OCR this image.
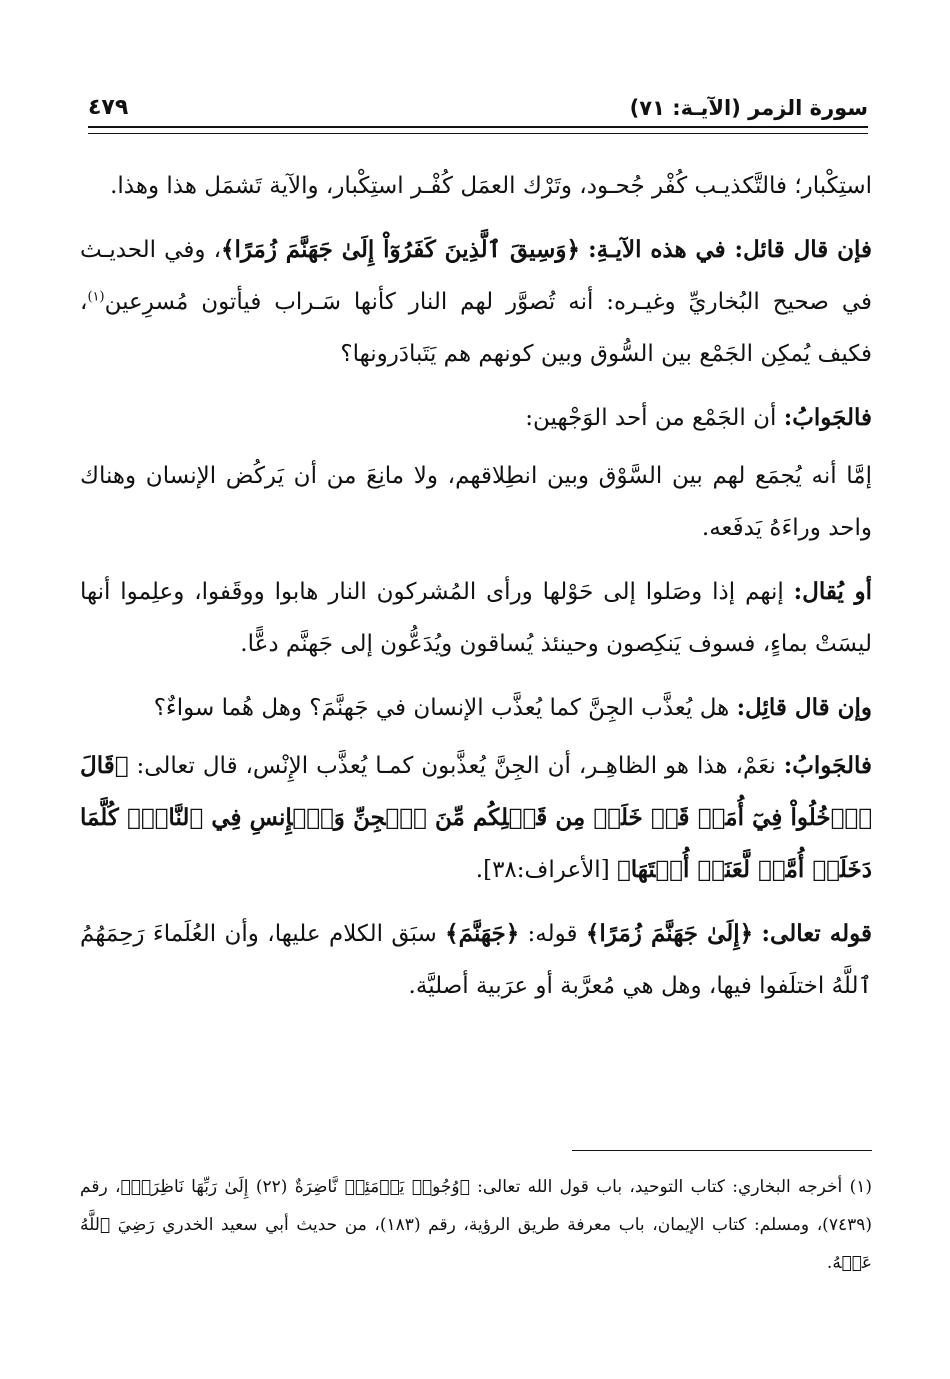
سورة الزمر (الآيـة: ٧١)
٤٧٩

استِكْبار؛ فالتَّكذيـب كُفْر جُحـود، وتَرْك العمَل كُفْـر استِكْبار، والآية تَشمَل هذا وهذا.

فإن قال قائل: في هذه الآيـةِ: ﴿وَسِيقَ ٱلَّذِينَ كَفَرُوٓاْ إِلَىٰ جَهَنَّمَ زُمَرًا﴾، وفي الحديـث في صحيح البُخاريِّ وغيـره: أنه تُصوَّر لهم النار كأنها سَـراب فيأتون مُسرِعين$^{(١)}$، فكيف يُمكِن الجَمْع بين السُّوق وبين كونهم هم يَتَبادَرونها؟

فالجَوابُ: أن الجَمْع من أحد الوَجْهين:

إمَّا أنه يُجمَع لهم بين السَّوْق وبين انطِلاقهم، ولا مانِعَ من أن يَركُض الإنسان وهناك واحد وراءَهُ يَدفَعه.

أو يُقال: إنهم إذا وصَلوا إلى حَوْلها ورأى المُشركون النار هابوا ووقَفوا، وعلِموا أنها ليسَتْ بماءٍ، فسوف يَنكِصون وحينئذ يُساقون ويُدَعُّون إلى جَهنَّم دعًّا.

وإن قال قائِل: هل يُعذَّب الجِنَّ كما يُعذَّب الإنسان في جَهنَّمَ؟ وهل هُما سواءٌ؟

فالجَوابُ: نعَمْ، هذا هو الظاهِـر، أن الجِنَّ يُعذَّبون كمـا يُعذَّب الإِنْس، قال تعالى: ﴿قَالَ ٱدۡخُلُواْ فِيٓ أُمَمٖ قَدۡ خَلَتۡ مِن قَبۡلِكُم مِّنَ ٱلۡجِنِّ وَٱلۡإِنسِ فِي ٱلنَّارِۖ كُلَّمَا دَخَلَتۡ أُمَّةٞ لَّعَنَتۡ أُخۡتَهَا﴾ [الأعراف:٣٨].

قوله تعالى: ﴿إِلَىٰ جَهَنَّمَ زُمَرًا﴾ قوله: ﴿جَهَنَّمَ﴾ سبَق الكلام عليها، وأن العُلَماءَ رَحِمَهُمُ ٱللَّهُ اختلَفوا فيها، وهل هي مُعرَّبة أو عرَبية أصليَّة.

(١) أخرجه البخاري: كتاب التوحيد، باب قول الله تعالى: ﴿وُجُوهٞ يَوۡمَئِذٖ نَّاضِرَةٌ (٢٢) إِلَىٰ رَبِّهَا نَاظِرَةٞ﴾، رقم (٧٤٣٩)، ومسلم: كتاب الإيمان، باب معرفة طريق الرؤية، رقم (١٨٣)، من حديث أبي سعيد الخدري رَضِيَ ٱللَّهُ عَنۡهُ.
